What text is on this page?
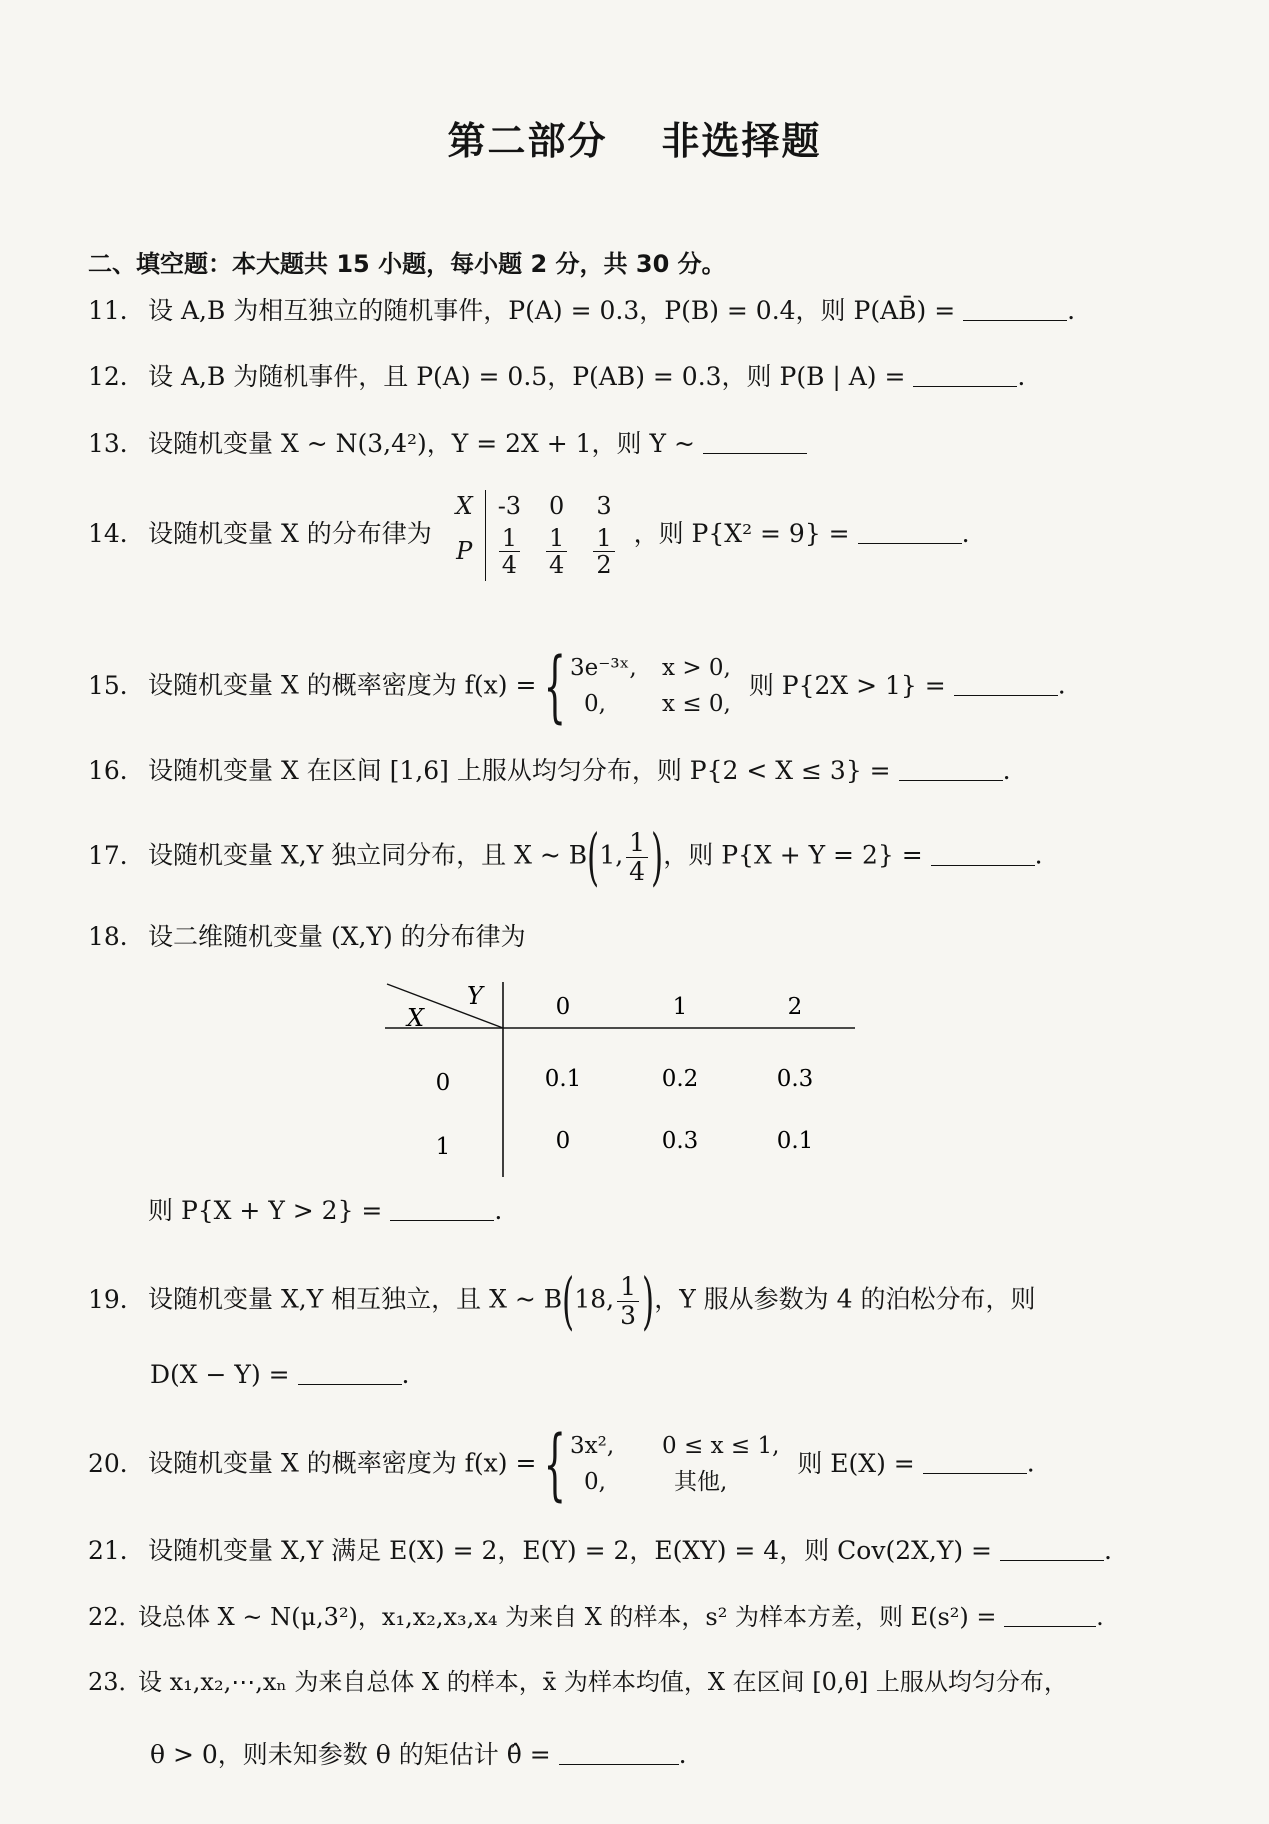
第二部分 非选择题
二、填空题：本大题共 15 小题，每小题 2 分，共 30 分。
11． 设 A,B 为相互独立的随机事件，P(A) = 0.3，P(B) = 0.4，则 P(AB̄) =	.
12． 设 A,B 为随机事件，且 P(A) = 0.5，P(AB) = 0.3，则 P(B | A) =	.
13． 设随机变量 X ~ N(3,4²)，Y = 2X + 1，则 Y ~
14． 设随机变量 X 的分布律为 X	-3	0	3
P	$\frac{1}{4}$	$\frac{1}{4}$	$\frac{1}{2}$ ，则 P{X² = 9} =	.
15． 设随机变量 X 的概率密度为 f(x) ={ 3e⁻³ˣ, x > 0,
0, x ≤ 0, 则 P{2X > 1} =	.
16． 设随机变量 X 在区间 [1,6] 上服从均匀分布，则 P{2 < X ≤ 3} =	.
17． 设随机变量 X,Y 独立同分布，且 X ~ B(1, $\frac{1}{4}$ )，则 P{X + Y = 2} =	.
18． 设二维随机变量 (X,Y) 的分布律为
Y
X	0	1	2
0	0.1	0.2	0.3
1	0	0.3	0.1
则 P{X + Y > 2} =	.
19． 设随机变量 X,Y 相互独立，且 X ~ B(18, $\frac{1}{3}$ )，Y 服从参数为 4 的泊松分布，则
D(X − Y) =	.
20． 设随机变量 X 的概率密度为 f(x) ={ 3x², 0 ≤ x ≤ 1,
0,	其他, 则 E(X) =	.
21． 设随机变量 X,Y 满足 E(X) = 2，E(Y) = 2，E(XY) = 4，则 Cov(2X,Y) =	.
22．设总体 X ~ N(μ,3²)，x₁,x₂,x₃,x₄ 为来自 X 的样本，s² 为样本方差，则 E(s²) =	.
23．设 x₁,x₂,⋯,xₙ 为来自总体 X 的样本，x̄ 为样本均值，X 在区间 [0,θ] 上服从均匀分布，
θ > 0，则未知参数 θ 的矩估计 θ̂ =	.
